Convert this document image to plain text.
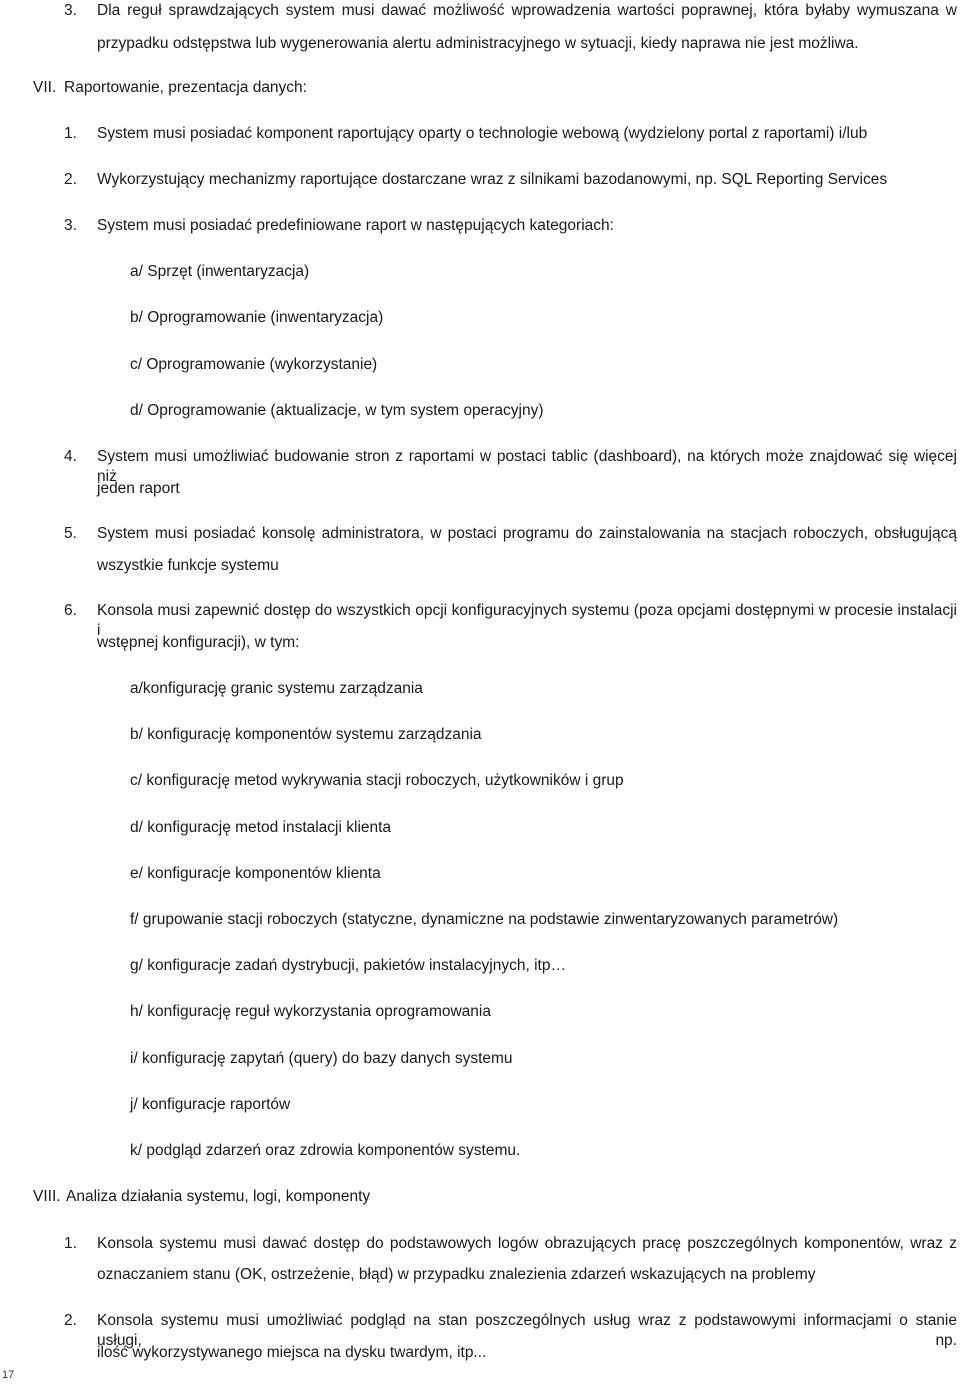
3. Dla reguł sprawdzających system musi dawać możliwość wprowadzenia wartości poprawnej, która byłaby wymuszana w
przypadku odstępstwa lub wygenerowania alertu administracyjnego w sytuacji, kiedy naprawa nie jest możliwa.
VII. Raportowanie, prezentacja danych:
1. System musi posiadać komponent raportujący oparty o technologie webową (wydzielony portal z raportami) i/lub
2. Wykorzystujący mechanizmy raportujące dostarczane wraz z silnikami bazodanowymi, np. SQL Reporting Services
3. System musi posiadać predefiniowane raport w następujących kategoriach:
a/ Sprzęt (inwentaryzacja)
b/ Oprogramowanie (inwentaryzacja)
c/ Oprogramowanie (wykorzystanie)
d/ Oprogramowanie (aktualizacje, w tym system operacyjny)
4. System musi umożliwiać budowanie stron z raportami w postaci tablic (dashboard), na których może znajdować się więcej niż
jeden raport
5. System musi posiadać konsolę administratora, w postaci programu do zainstalowania na stacjach roboczych, obsługującą
wszystkie funkcje systemu
6. Konsola musi zapewnić dostęp do wszystkich opcji konfiguracyjnych systemu (poza opcjami dostępnymi w procesie instalacji i
wstępnej konfiguracji), w tym:
a/konfigurację granic systemu zarządzania
b/ konfigurację komponentów systemu zarządzania
c/ konfigurację metod wykrywania stacji roboczych, użytkowników i grup
d/ konfigurację metod instalacji klienta
e/ konfiguracje komponentów klienta
f/ grupowanie stacji roboczych (statyczne, dynamiczne na podstawie zinwentaryzowanych parametrów)
g/ konfiguracje zadań dystrybucji, pakietów instalacyjnych, itp…
h/ konfigurację reguł wykorzystania oprogramowania
i/ konfigurację zapytań (query) do bazy danych systemu
j/ konfiguracje raportów
k/ podgląd zdarzeń oraz zdrowia komponentów systemu.
VIII. Analiza działania systemu, logi, komponenty
1. Konsola systemu musi dawać dostęp do podstawowych logów obrazujących pracę poszczególnych komponentów, wraz z
oznaczaniem stanu (OK, ostrzeżenie, błąd) w przypadku znalezienia zdarzeń wskazujących na problemy
2. Konsola systemu musi umożliwiać podgląd na stan poszczególnych usług wraz z podstawowymi informacjami o stanie usługi, np.
ilość wykorzystywanego miejsca na dysku twardym, itp...
17
